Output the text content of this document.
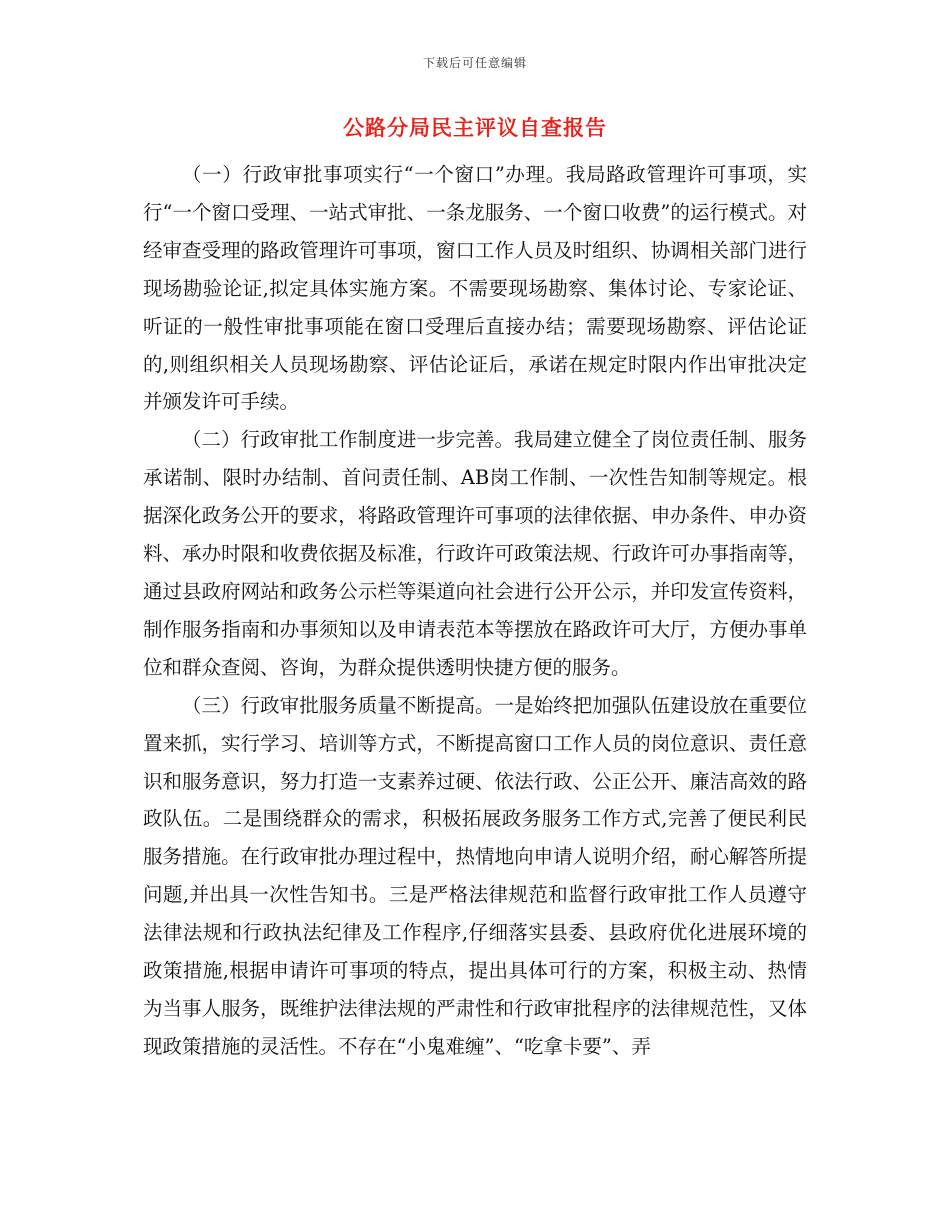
下载后可任意编辑
公路分局民主评议自查报告

（一）行政审批事项实行“一个窗口”办理。我局路政管理许可事项，实行“一个窗口受理、一站式审批、一条龙服务、一个窗口收费”的运行模式。对经审查受理的路政管理许可事项，窗口工作人员及时组织、协调相关部门进行现场勘验论证,拟定具体实施方案。不需要现场勘察、集体讨论、专家论证、听证的一般性审批事项能在窗口受理后直接办结；需要现场勘察、评估论证的,则组织相关人员现场勘察、评估论证后，承诺在规定时限内作出审批决定并颁发许可手续。

（二）行政审批工作制度进一步完善。我局建立健全了岗位责任制、服务承诺制、限时办结制、首问责任制、AB岗工作制、一次性告知制等规定。根据深化政务公开的要求，将路政管理许可事项的法律依据、申办条件、申办资料、承办时限和收费依据及标准，行政许可政策法规、行政许可办事指南等，通过县政府网站和政务公示栏等渠道向社会进行公开公示，并印发宣传资料，制作服务指南和办事须知以及申请表范本等摆放在路政许可大厅，方便办事单位和群众查阅、咨询，为群众提供透明快捷方便的服务。

（三）行政审批服务质量不断提高。一是始终把加强队伍建设放在重要位置来抓，实行学习、培训等方式，不断提高窗口工作人员的岗位意识、责任意识和服务意识，努力打造一支素养过硬、依法行政、公正公开、廉洁高效的路政队伍。二是围绕群众的需求，积极拓展政务服务工作方式,完善了便民利民服务措施。在行政审批办理过程中，热情地向申请人说明介绍，耐心解答所提问题,并出具一次性告知书。三是严格法律规范和监督行政审批工作人员遵守法律法规和行政执法纪律及工作程序,仔细落实县委、县政府优化进展环境的政策措施,根据申请许可事项的特点，提出具体可行的方案，积极主动、热情为当事人服务，既维护法律法规的严肃性和行政审批程序的法律规范性，又体现政策措施的灵活性。不存在“小鬼难缠”、“吃拿卡要”、弄
